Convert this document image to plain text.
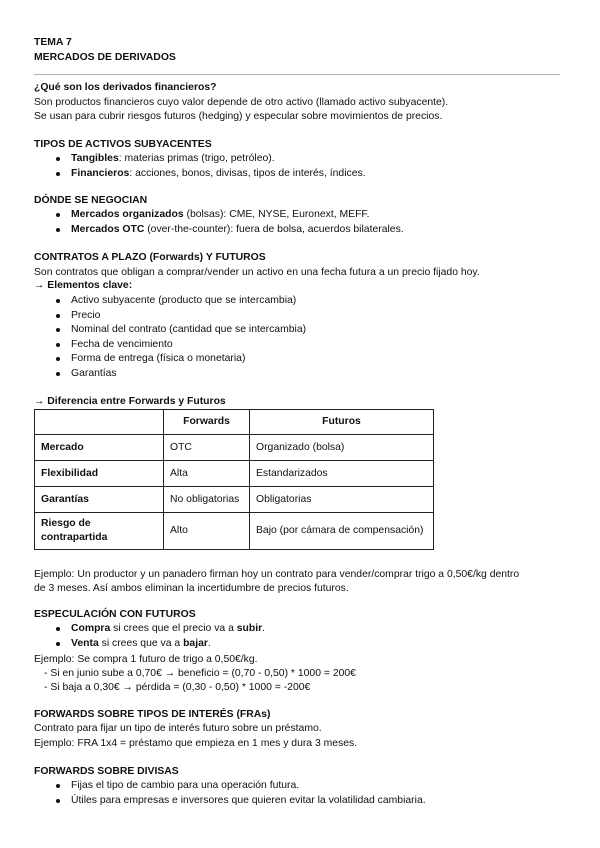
TEMA 7
MERCADOS DE DERIVADOS
¿Qué son los derivados financieros?
Son productos financieros cuyo valor depende de otro activo (llamado activo subyacente).
Se usan para cubrir riesgos futuros (hedging) y especular sobre movimientos de precios.
TIPOS DE ACTIVOS SUBYACENTES
Tangibles: materias primas (trigo, petróleo).
Financieros: acciones, bonos, divisas, tipos de interés, índices.
DÓNDE SE NEGOCIAN
Mercados organizados (bolsas): CME, NYSE, Euronext, MEFF.
Mercados OTC (over-the-counter): fuera de bolsa, acuerdos bilaterales.
CONTRATOS A PLAZO (Forwards) Y FUTUROS
Son contratos que obligan a comprar/vender un activo en una fecha futura a un precio fijado hoy.
→ Elementos clave:
Activo subyacente (producto que se intercambia)
Precio
Nominal del contrato (cantidad que se intercambia)
Fecha de vencimiento
Forma de entrega (física o monetaria)
Garantías
→ Diferencia entre Forwards y Futuros
	Forwards	Futuros
Mercado	OTC	Organizado (bolsa)
Flexibilidad	Alta	Estandarizados
Garantías	No obligatorias	Obligatorias
Riesgo de contrapartida	Alto	Bajo (por cámara de compensación)
Ejemplo: Un productor y un panadero firman hoy un contrato para vender/comprar trigo a 0,50€/kg dentro
de 3 meses. Así ambos eliminan la incertidumbre de precios futuros.
ESPECULACIÓN CON FUTUROS
Compra si crees que el precio va a subir.
Venta si crees que va a bajar.
Ejemplo: Se compra 1 futuro de trigo a 0,50€/kg.
- Si en junio sube a 0,70€ → beneficio = (0,70 - 0,50) * 1000 = 200€
- Si baja a 0,30€ → pérdida = (0,30 - 0,50) * 1000 = -200€
FORWARDS SOBRE TIPOS DE INTERÉS (FRAs)
Contrato para fijar un tipo de interés futuro sobre un préstamo.
Ejemplo: FRA 1x4 = préstamo que empieza en 1 mes y dura 3 meses.
FORWARDS SOBRE DIVISAS
Fijas el tipo de cambio para una operación futura.
Útiles para empresas e inversores que quieren evitar la volatilidad cambiaria.
